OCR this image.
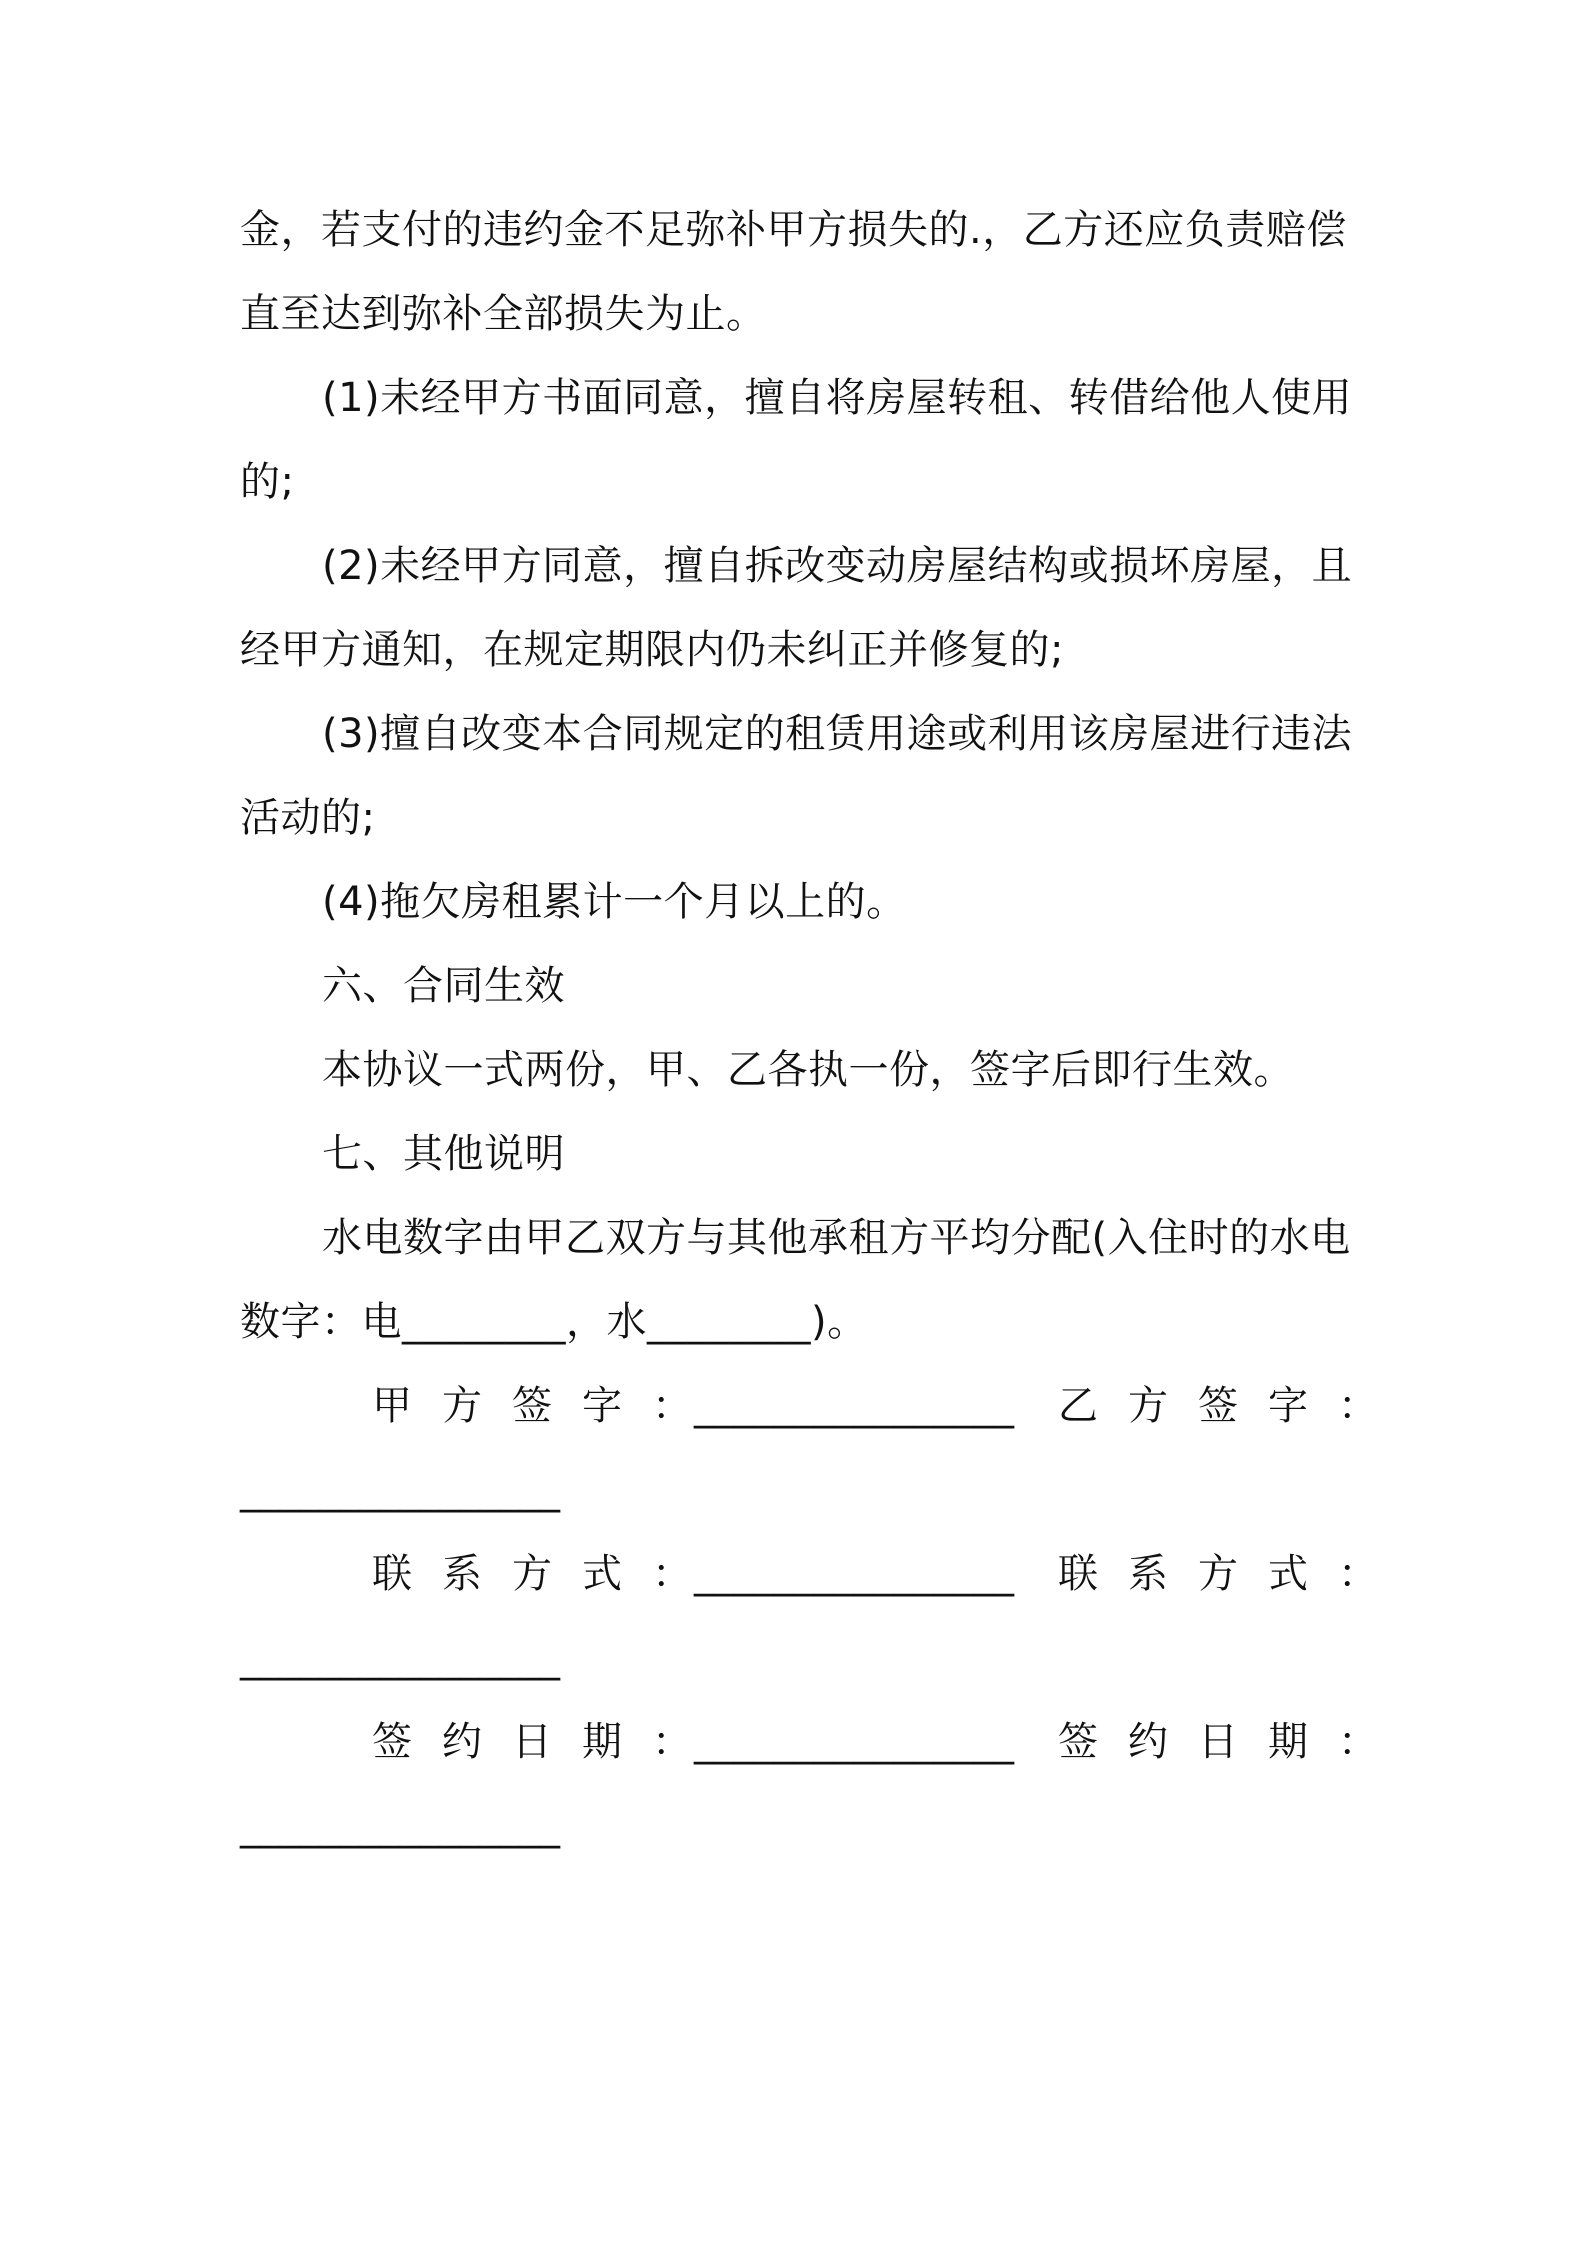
金，若支付的违约金不足弥补甲方损失的.，乙方还应负责赔偿
直至达到弥补全部损失为止。
(1)未经甲方书面同意，擅自将房屋转租、转借给他人使用
的;
(2)未经甲方同意，擅自拆改变动房屋结构或损坏房屋，且
经甲方通知，在规定期限内仍未纠正并修复的;
(3)擅自改变本合同规定的租赁用途或利用该房屋进行违法
活动的;
(4)拖欠房租累计一个月以上的。
六、合同生效
本协议一式两份，甲、乙各执一份，签字后即行生效。
七、其他说明
水电数字由甲乙双方与其他承租方平均分配(入住时的水电
数字：电________，水________)。
甲方签字：
________________ 乙方签字：
________________
联系方式：
________________ 联系方式：
________________
签约日期：
________________ 签约日期：
________________
